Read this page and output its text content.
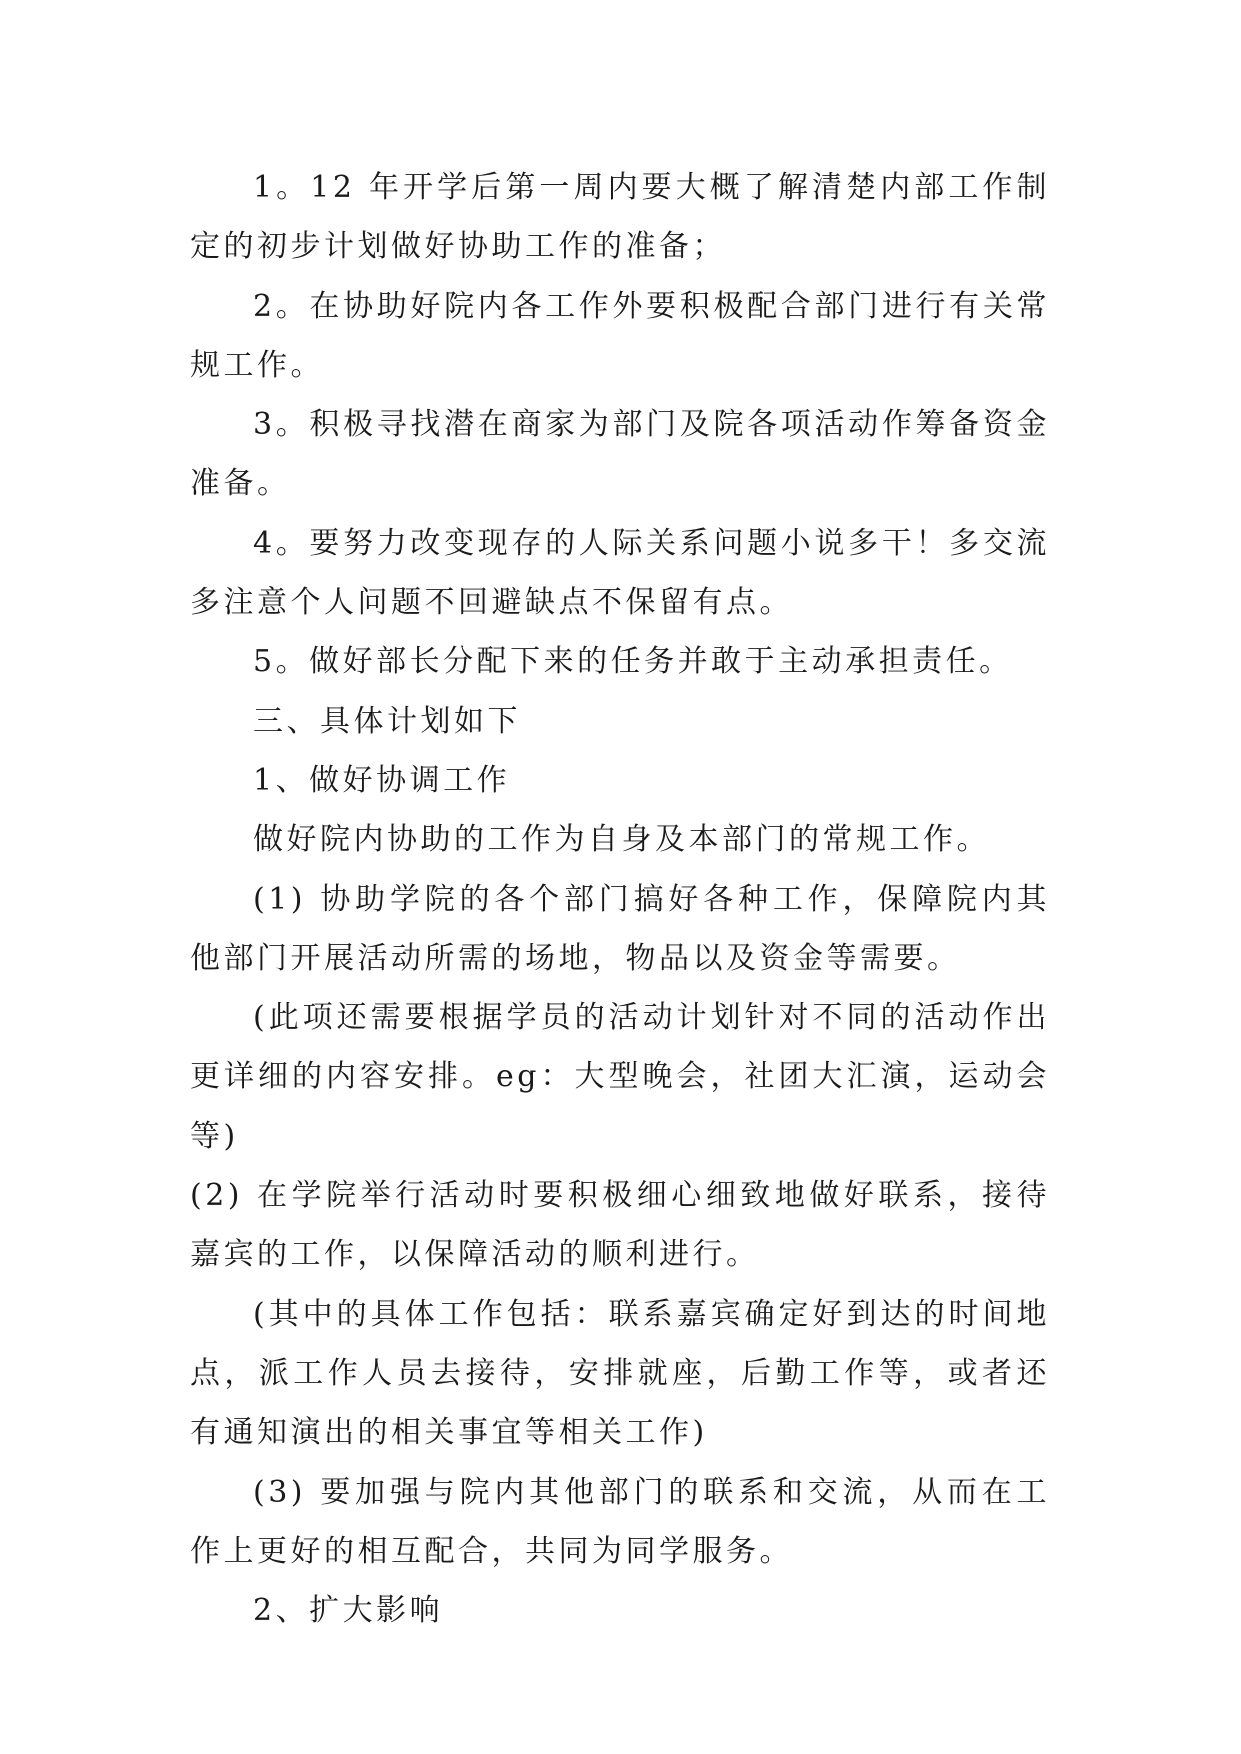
1。12 年开学后第一周内要大概了解清楚内部工作制定的初步计划做好协助工作的准备；

2。在协助好院内各工作外要积极配合部门进行有关常规工作。

3。积极寻找潜在商家为部门及院各项活动作筹备资金准备。

4。要努力改变现存的人际关系问题小说多干！多交流多注意个人问题不回避缺点不保留有点。

5。做好部长分配下来的任务并敢于主动承担责任。

三、具体计划如下

1、做好协调工作

做好院内协助的工作为自身及本部门的常规工作。

(1) 协助学院的各个部门搞好各种工作，保障院内其他部门开展活动所需的场地，物品以及资金等需要。

(此项还需要根据学员的活动计划针对不同的活动作出更详细的内容安排。eg：大型晚会，社团大汇演，运动会等)

(2) 在学院举行活动时要积极细心细致地做好联系，接待嘉宾的工作，以保障活动的顺利进行。

(其中的具体工作包括：联系嘉宾确定好到达的时间地点，派工作人员去接待，安排就座，后勤工作等，或者还有通知演出的相关事宜等相关工作)

(3) 要加强与院内其他部门的联系和交流，从而在工作上更好的相互配合，共同为同学服务。

2、扩大影响
